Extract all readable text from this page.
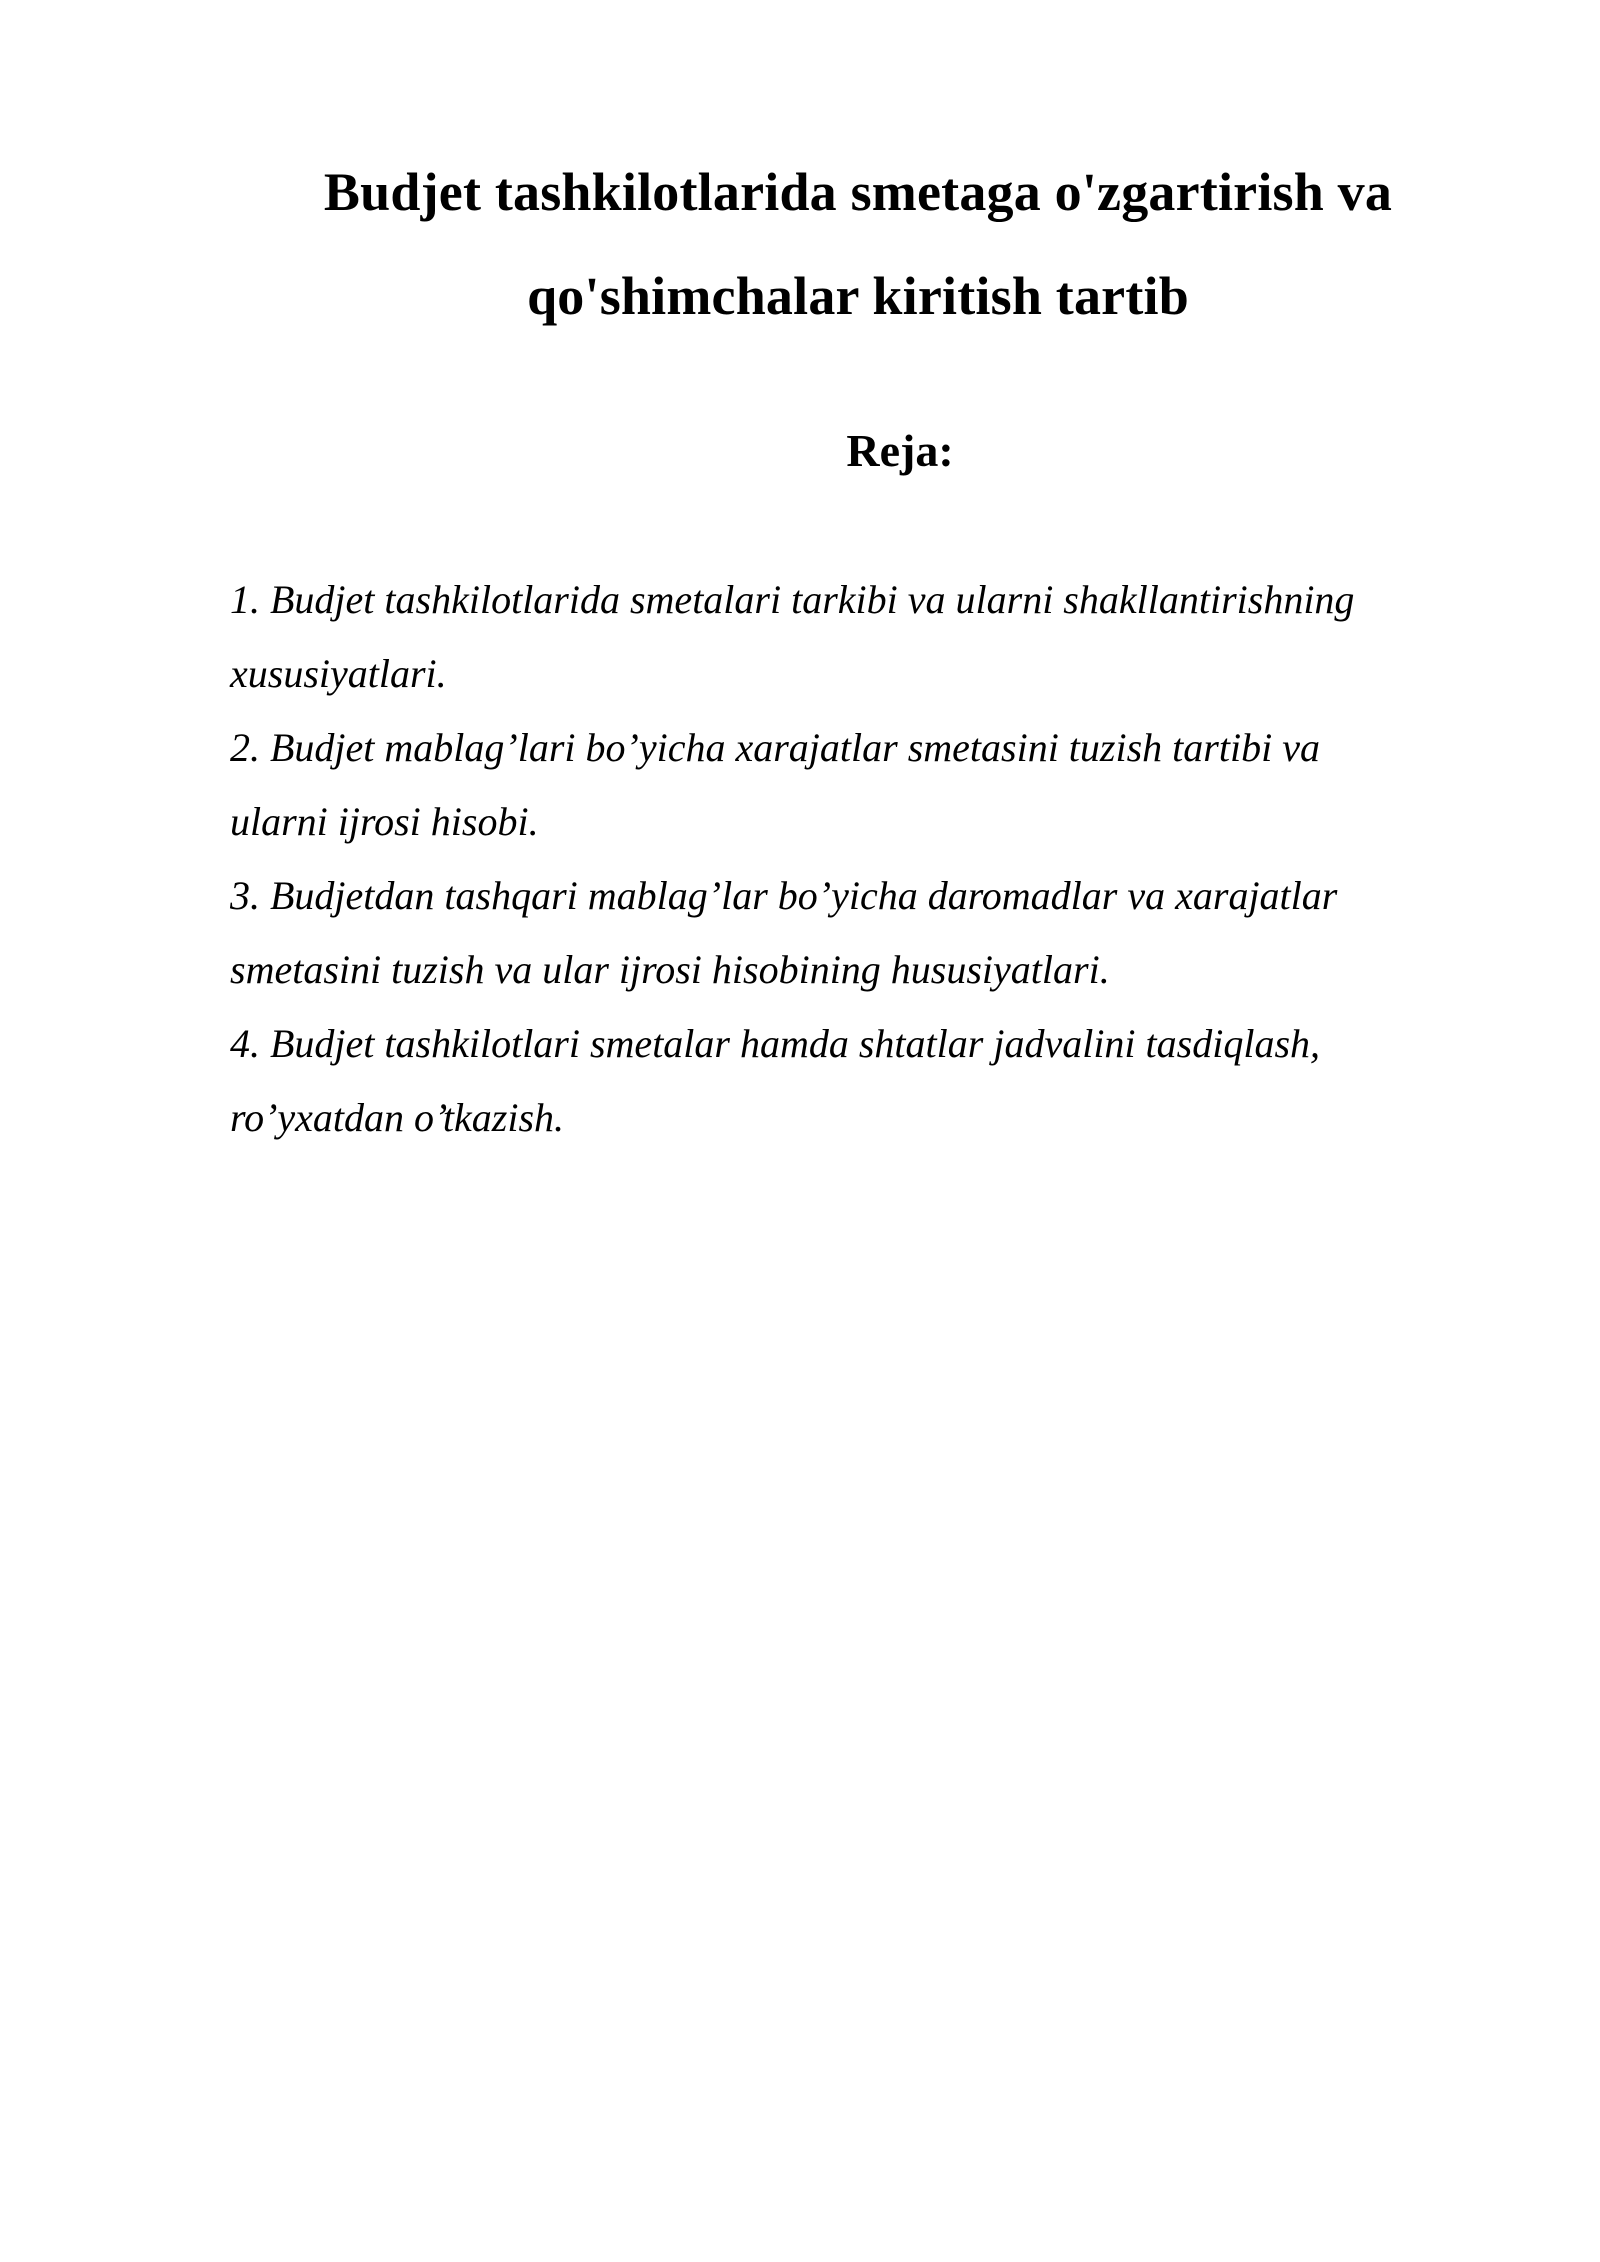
Budjet tashkilotlarida smetaga o'zgartirish va
qo'shimchalar kiritish tartib
Reja:
1. Budjet tashkilotlarida smetalari tarkibi va ularni shakllantirishning
xususiyatlari.
2. Budjet mablag’lari bo’yicha xarajatlar smetasini tuzish tartibi va
ularni ijrosi hisobi.
3. Budjetdan tashqari mablag’lar bo’yicha daromadlar va xarajatlar
smetasini tuzish va ular ijrosi hisobining hususiyatlari.
4. Budjet tashkilotlari smetalar hamda shtatlar jadvalini tasdiqlash,
ro’yxatdan o’tkazish.
